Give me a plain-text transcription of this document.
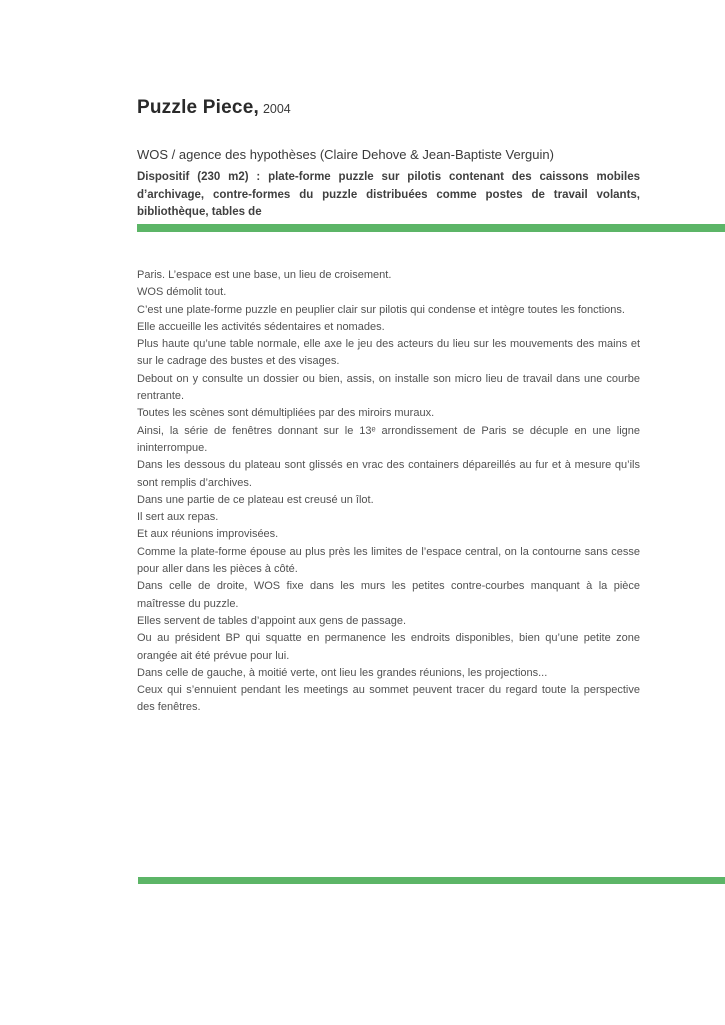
Puzzle Piece, 2004

WOS / agence des hypothèses (Claire Dehove & Jean-Baptiste Verguin)

Dispositif (230 m2) : plate-forme puzzle sur pilotis contenant des caissons mobiles d’archivage, contre-formes du puzzle distribuées comme postes de travail volants, bibliothèque, tables de

Paris. L’espace est une base, un lieu de croisement.

WOS démolit tout.

C’est une plate-forme puzzle en peuplier clair sur pilotis qui condense et intègre toutes les fonctions.

Elle accueille les activités sédentaires et nomades.

Plus haute qu’une table normale, elle axe le jeu des acteurs du lieu sur les mouvements des mains et sur le cadrage des bustes et des visages.

Debout on y consulte un dossier ou bien, assis, on installe son micro lieu de travail dans une courbe rentrante.

Toutes les scènes sont démultipliées par des miroirs muraux.

Ainsi, la série de fenêtres donnant sur le 13ᵉ arrondissement de Paris se décuple en une ligne ininterrompue.

Dans les dessous du plateau sont glissés en vrac des containers dépareillés au fur et à mesure qu’ils sont remplis d’archives.

Dans une partie de ce plateau est creusé un îlot.

Il sert aux repas.

Et aux réunions improvisées.

Comme la plate-forme épouse au plus près les limites de l’espace central, on la contourne sans cesse pour aller dans les pièces à côté.

Dans celle de droite, WOS fixe dans les murs les petites contre-courbes manquant à la pièce maîtresse du puzzle.

Elles servent de tables d’appoint aux gens de passage.

Ou au président BP qui squatte en permanence les endroits disponibles, bien qu’une petite zone orangée ait été prévue pour lui.

Dans celle de gauche, à moitié verte, ont lieu les grandes réunions, les projections...

Ceux qui s’ennuient pendant les meetings au sommet peuvent tracer du regard toute la perspective des fenêtres.
